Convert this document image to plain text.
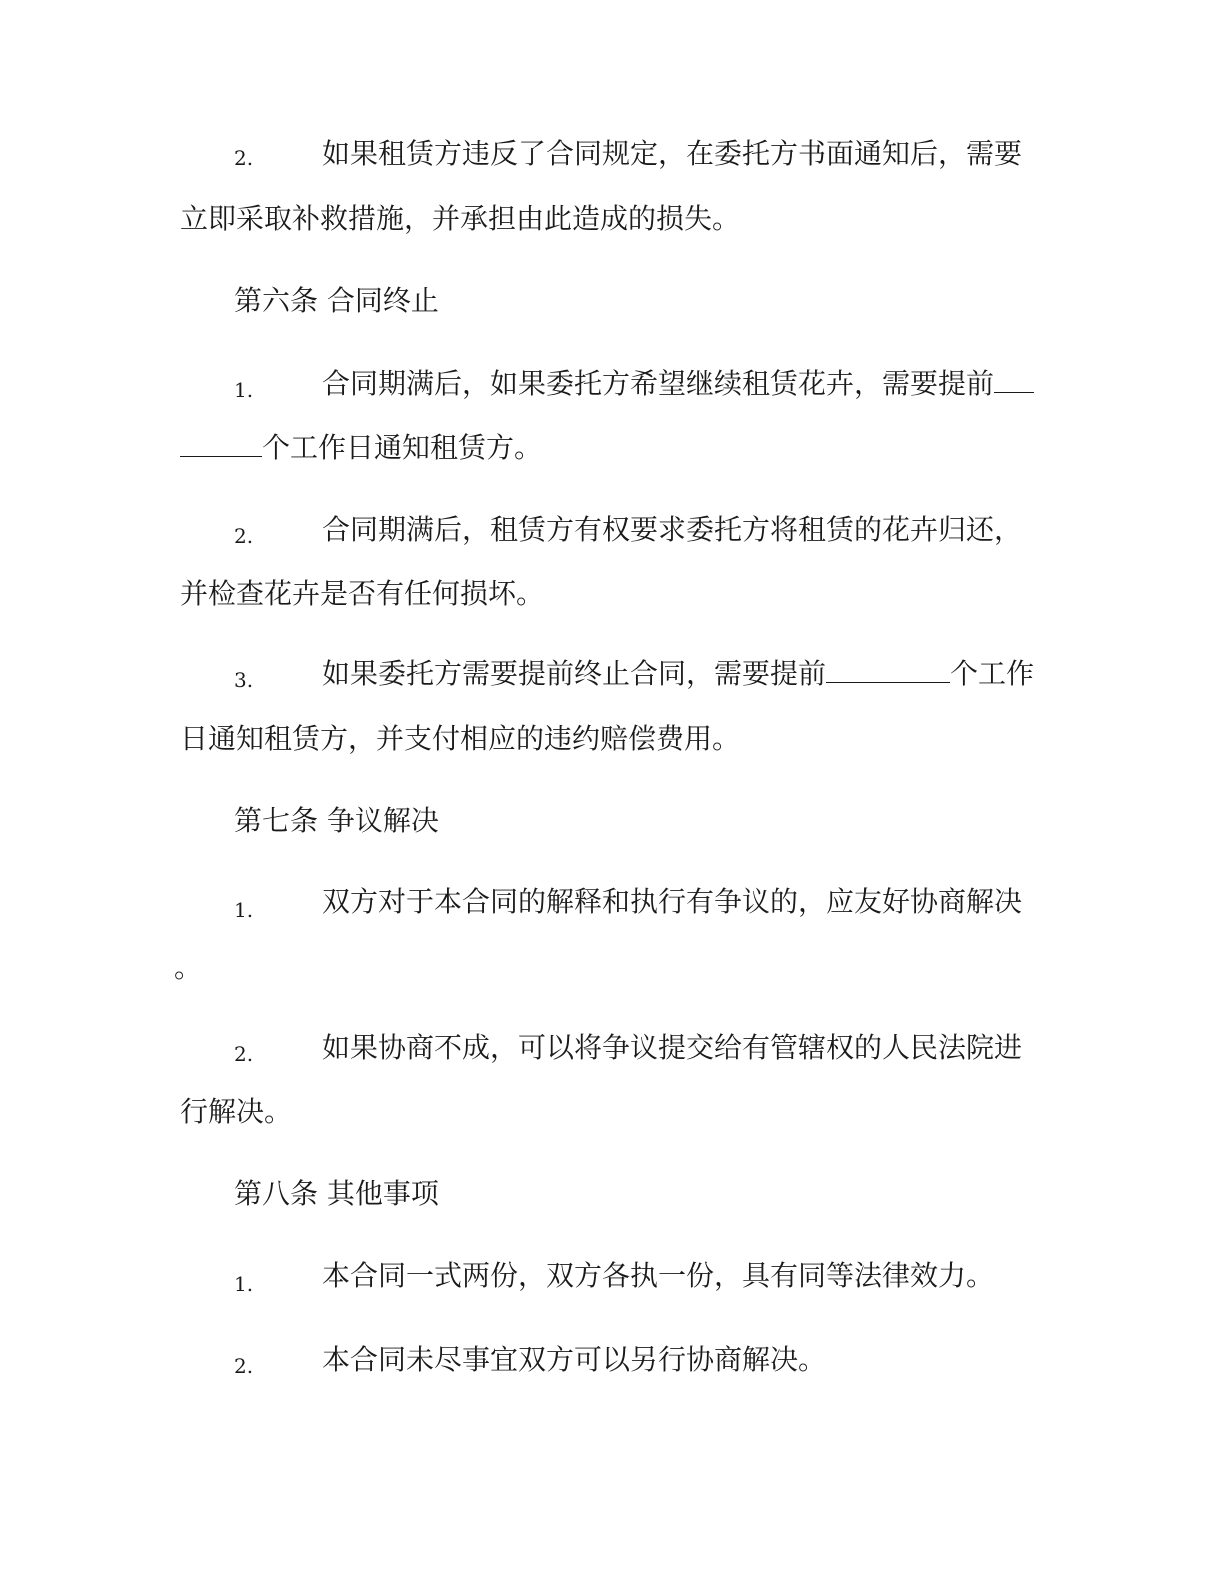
2. 如果租赁方违反了合同规定，在委托方书面通知后，需要
立即采取补救措施，并承担由此造成的损失。
第六条 合同终止
1. 合同期满后，如果委托方希望继续租赁花卉，需要提前
个工作日通知租赁方。
2. 合同期满后，租赁方有权要求委托方将租赁的花卉归还，
并检查花卉是否有任何损坏。
3. 如果委托方需要提前终止合同，需要提前	个工作
日通知租赁方，并支付相应的违约赔偿费用。
第七条 争议解决
1. 双方对于本合同的解释和执行有争议的，应友好协商解决
。
2. 如果协商不成，可以将争议提交给有管辖权的人民法院进
行解决。
第八条 其他事项
1. 本合同一式两份，双方各执一份，具有同等法律效力。
2. 本合同未尽事宜双方可以另行协商解决。
